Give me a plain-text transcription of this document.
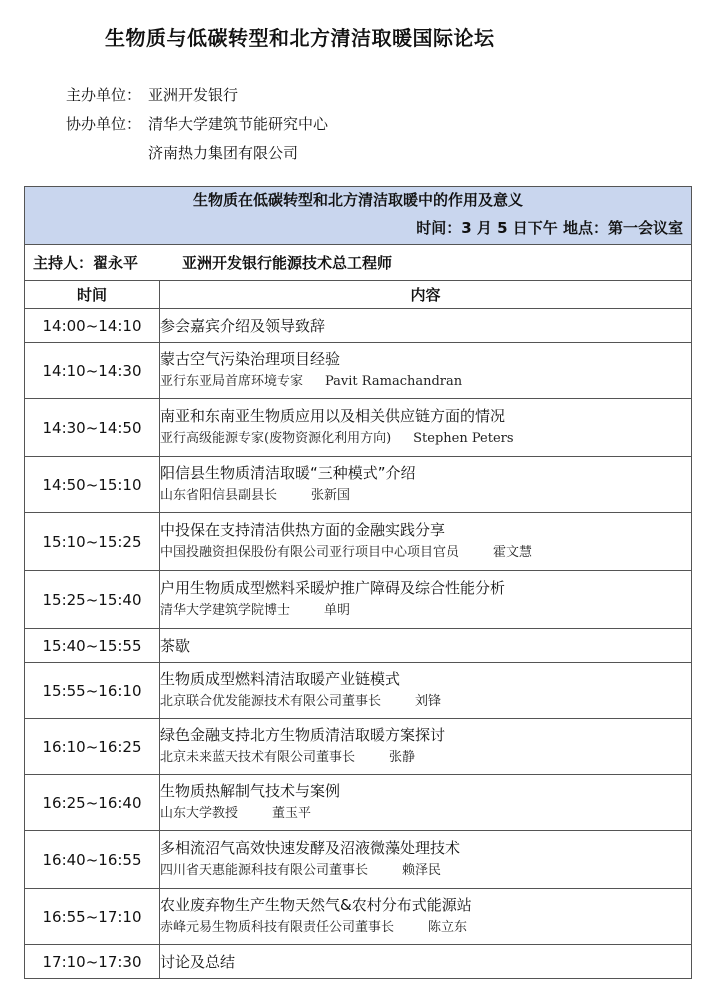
生物质与低碳转型和北方清洁取暖国际论坛
主办单位： 亚洲开发银行
协办单位： 清华大学建筑节能研究中心
济南热力集团有限公司
生物质在低碳转型和北方清洁取暖中的作用及意义
时间：3 月 5 日下午 地点：第一会议室	

主持人：翟永平 亚洲开发银行能源技术总工程师	
时间	内容
14:00~14:10	参会嘉宾介绍及领导致辞

14:10~14:30	蒙古空气污染治理项目经验
亚行东亚局首席环境专家 Pavit Ramachandran

14:30~14:50	南亚和东南亚生物质应用以及相关供应链方面的情况
亚行高级能源专家(废物资源化利用方向) Stephen Peters

14:50~15:10	阳信县生物质清洁取暖“三种模式”介绍
山东省阳信县副县长 张新国

15:10~15:25	中投保在支持清洁供热方面的金融实践分享
中国投融资担保股份有限公司亚行项目中心项目官员 霍文慧

15:25~15:40	户用生物质成型燃料采暖炉推广障碍及综合性能分析
清华大学建筑学院博士 单明

15:40~15:55	茶歇

15:55~16:10	生物质成型燃料清洁取暖产业链模式
北京联合优发能源技术有限公司董事长 刘锋

16:10~16:25	绿色金融支持北方生物质清洁取暖方案探讨
北京未来蓝天技术有限公司董事长 张静

16:25~16:40	生物质热解制气技术与案例
山东大学教授 董玉平

16:40~16:55	多相流沼气高效快速发酵及沼液微藻处理技术
四川省天惠能源科技有限公司董事长 赖泽民

16:55~17:10	农业废弃物生产生物天然气&农村分布式能源站
赤峰元易生物质科技有限责任公司董事长 陈立东

17:10~17:30	讨论及总结
